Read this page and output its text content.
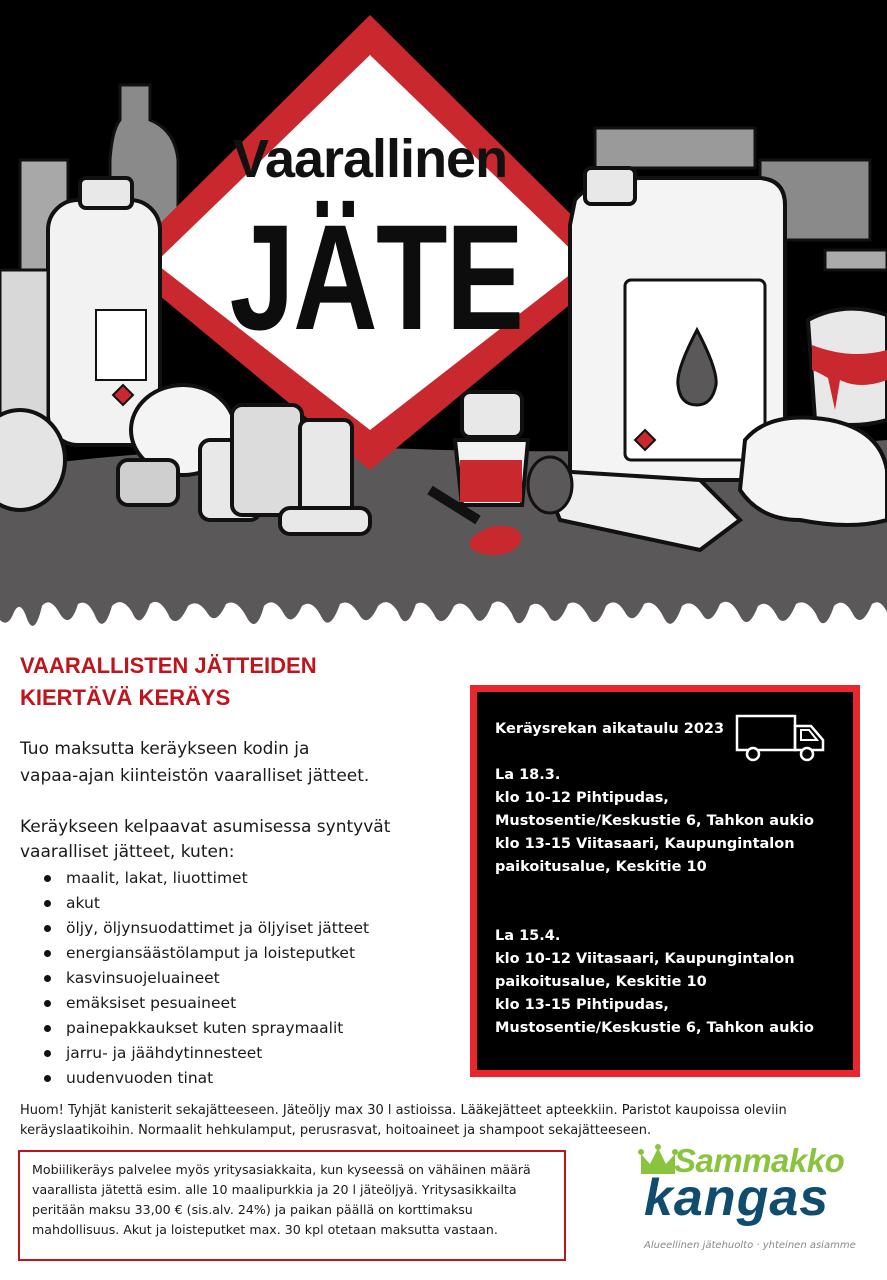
Vaarallinen
JÄTE
VAARALLISTEN JÄTTEIDEN
KIERTÄVÄ KERÄYS
Tuo maksutta keräykseen kodin ja
vapaa-ajan kiinteistön vaaralliset jätteet.
Keräykseen kelpaavat asumisessa syntyvät
vaaralliset jätteet, kuten:
maalit, lakat, liuottimet
akut
öljy, öljynsuodattimet ja öljyiset jätteet
energiansäästölamput ja loisteputket
kasvinsuojeluaineet
emäksiset pesuaineet
painepakkaukset kuten spraymaalit
jarru- ja jäähdytinnesteet
uudenvuoden tinat
Keräysrekan aikataulu 2023
La 18.3.
klo 10-12 Pihtipudas,
Mustosentie/Keskustie 6, Tahkon aukio
klo 13-15 Viitasaari, Kaupungintalon
paikoitusalue, Keskitie 10
La 15.4.
klo 10-12 Viitasaari, Kaupungintalon
paikoitusalue, Keskitie 10
klo 13-15 Pihtipudas,
Mustosentie/Keskustie 6, Tahkon aukio
Huom! Tyhjät kanisterit sekajätteeseen. Jäteöljy max 30 l astioissa. Lääkejätteet apteekkiin. Paristot kaupoissa oleviin
keräyslaatikoihin. Normaalit hehkulamput, perusrasvat, hoitoaineet ja shampoot sekajätteeseen.
Mobiilikeräys palvelee myös yritysasiakkaita, kun kyseessä on vähäinen määrä
vaarallista jätettä esim. alle 10 maalipurkkia ja 20 l jäteöljyä. Yritysasikkailta
peritään maksu 33,00 € (sis.alv. 24%) ja paikan päällä on korttimaksu
mahdollisuus. Akut ja loisteputket max. 30 kpl otetaan maksutta vastaan.
Sammakko
kangas
Alueellinen jätehuolto · yhteinen asiamme
